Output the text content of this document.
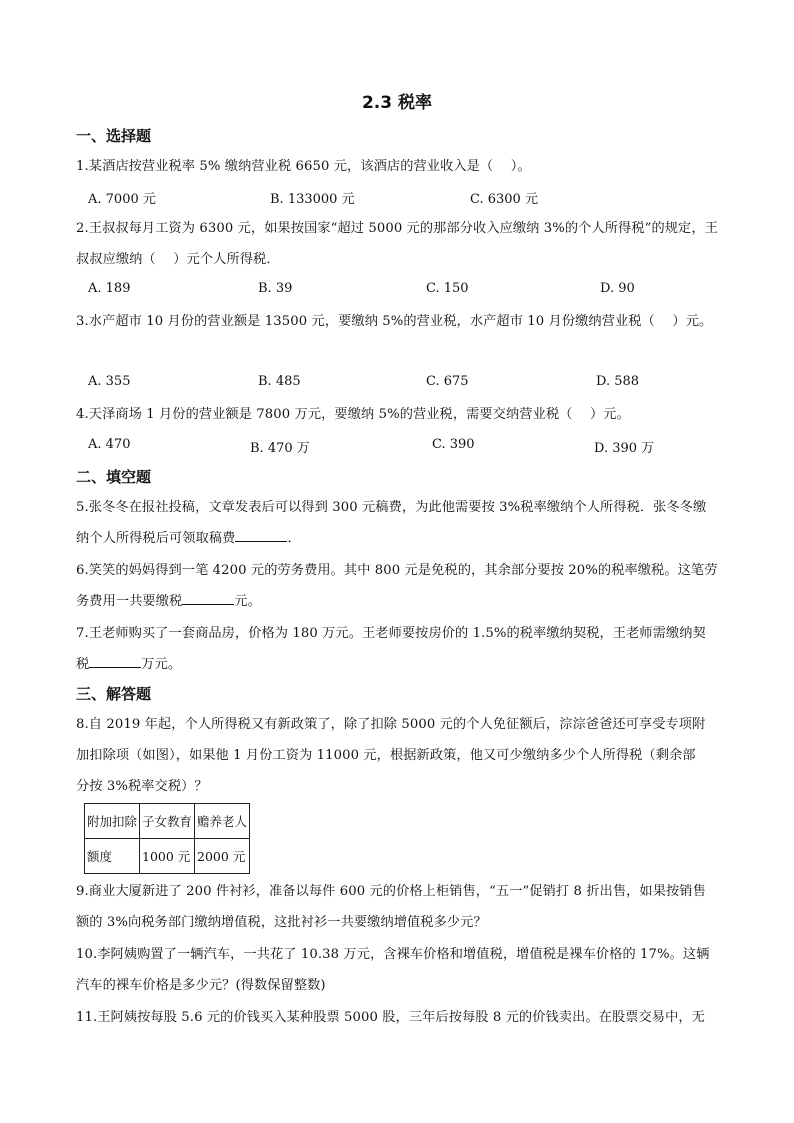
2.3 税率
一、选择题
1.某酒店按营业税率 5% 缴纳营业税 6650 元，该酒店的营业收入是（　 ）。
A. 7000 元	B. 133000 元	C. 6300 元
2.王叔叔每月工资为 6300 元，如果按国家“超过 5000 元的那部分收入应缴纳 3%的个人所得税”的规定，王
叔叔应缴纳（　 ）元个人所得税．
A. 189	B. 39	C. 150	D. 90
3.水产超市 10 月份的营业额是 13500 元，要缴纳 5%的营业税，水产超市 10 月份缴纳营业税（　 ）元。
A. 355	B. 485	C. 675	D. 588
4.天泽商场 1 月份的营业额是 7800 万元，要缴纳 5%的营业税，需要交纳营业税（　 ）元。
A. 470	B. 470 万	C. 390	D. 390 万
二、填空题
5.张冬冬在报社投稿，文章发表后可以得到 300 元稿费，为此他需要按 3%税率缴纳个人所得税．张冬冬缴
纳个人所得税后可领取稿费	．
6.笑笑的妈妈得到一笔 4200 元的劳务费用。其中 800 元是免税的，其余部分要按 20%的税率缴税。这笔劳
务费用一共要缴税	元。
7.王老师购买了一套商品房，价格为 180 万元。王老师要按房价的 1.5%的税率缴纳契税，王老师需缴纳契
税	万元。
三、解答题
8.自 2019 年起，个人所得税又有新政策了，除了扣除 5000 元的个人免征额后，淙淙爸爸还可享受专项附
加扣除项（如图），如果他 1 月份工资为 11000 元，根据新政策，他又可少缴纳多少个人所得税（剩余部
分按 3%税率交税）？
附加扣除	子女教育	赡养老人
额度	1000 元	2000 元
9.商业大厦新进了 200 件衬衫，准备以每件 600 元的价格上柜销售，“五一”促销打 8 折出售，如果按销售
额的 3%向税务部门缴纳增值税，这批衬衫一共要缴纳增值税多少元？
10.李阿姨购置了一辆汽车，一共花了 10.38 万元，含裸车价格和增值税，增值税是裸车价格的 17%。这辆
汽车的裸车价格是多少元？(得数保留整数)
11.王阿姨按每股 5.6 元的价钱买入某种股票 5000 股，三年后按每股 8 元的价钱卖出。在股票交易中，无
